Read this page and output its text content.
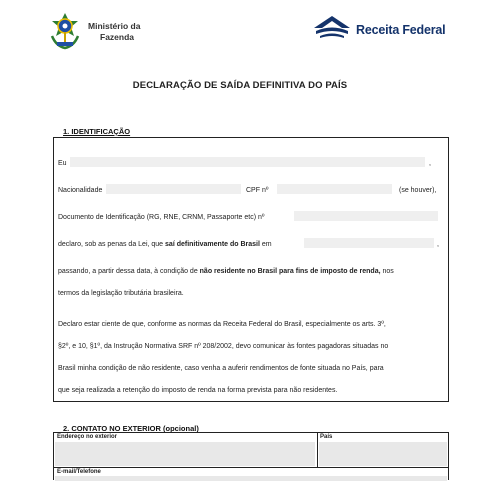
Ministério da
Fazenda	Receita Federal
DECLARAÇÃO DE SAÍDA DEFINITIVA DO PAÍS
1. IDENTIFICAÇÃO
Eu	,
Nacionalidade	CPF nº	(se houver),
Documento de Identificação (RG, RNE, CRNM, Passaporte etc) nº
declaro, sob as penas da Lei, que saí definitivamente do Brasil em	,
passando, a partir dessa data, à condição de não residente no Brasil para fins de imposto de renda, nos
termos da legislação tributária brasileira.
Declaro estar ciente de que, conforme as normas da Receita Federal do Brasil, especialmente os arts. 3º,
§2º, e 10, §1º, da Instrução Normativa SRF nº 208/2002, devo comunicar às fontes pagadoras situadas no
Brasil minha condição de não residente, caso venha a auferir rendimentos de fonte situada no País, para
que seja realizada a retenção do imposto de renda na forma prevista para não residentes.
2. CONTATO NO EXTERIOR (opcional)
Endereço no exterior	País
E-mail/Telefone
